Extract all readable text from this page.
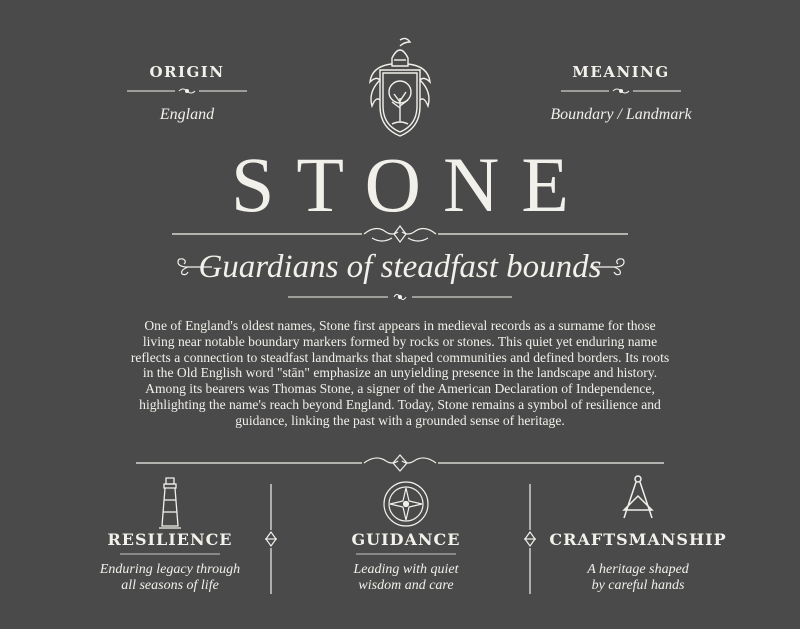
ORIGIN
England
MEANING
Boundary / Landmark
STONE
Guardians of steadfast bounds
One of England's oldest names, Stone first appears in medieval records as a surname for those living near notable boundary markers formed by rocks or stones. This quiet yet enduring name reflects a connection to steadfast landmarks that shaped communities and defined borders. Its roots in the Old English word "stān" emphasize an unyielding presence in the landscape and history. Among its bearers was Thomas Stone, a signer of the American Declaration of Independence, highlighting the name's reach beyond England. Today, Stone remains a symbol of resilience and guidance, linking the past with a grounded sense of heritage.
RESILIENCE
Enduring legacy through
all seasons of life
GUIDANCE
Leading with quiet
wisdom and care
CRAFTSMANSHIP
A heritage shaped
by careful hands
